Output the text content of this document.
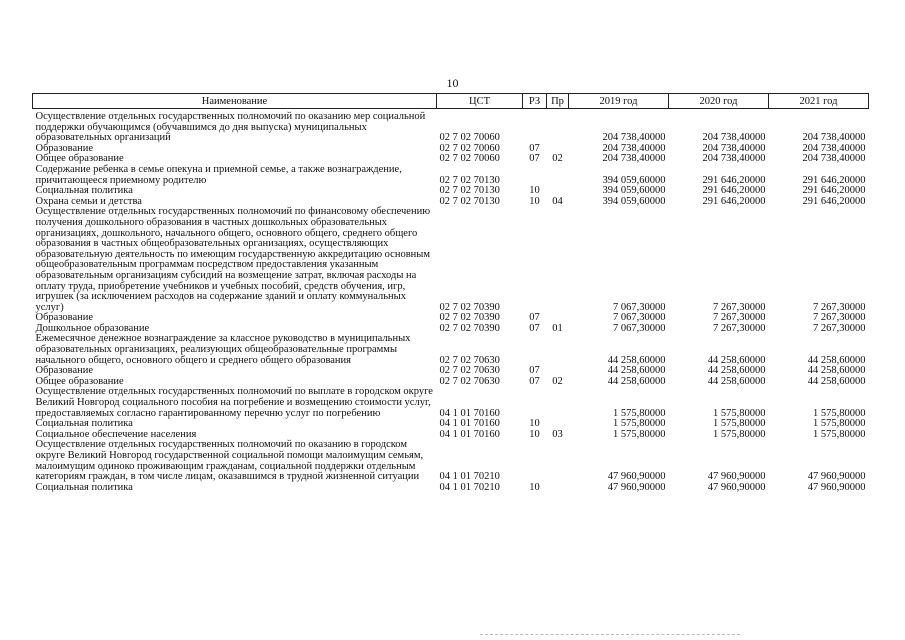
10
Наименование	ЦСТ	РЗ	Пр	2019 год	2020 год	2021 год

Осуществление отдельных государственных полномочий по оказанию мер социальной поддержки обучающимся (обучавшимся до дня выпуска) муниципальных образовательных организаций	02 7 02 70060			204 738,40000	204 738,40000	204 738,40000
Образование	02 7 02 70060	07		204 738,40000	204 738,40000	204 738,40000
Общее образование	02 7 02 70060	07	02	204 738,40000	204 738,40000	204 738,40000
Содержание ребенка в семье опекуна и приемной семье, а также вознаграждение, причитающееся приемному родителю	02 7 02 70130			394 059,60000	291 646,20000	291 646,20000
Социальная политика	02 7 02 70130	10		394 059,60000	291 646,20000	291 646,20000
Охрана семьи и детства	02 7 02 70130	10	04	394 059,60000	291 646,20000	291 646,20000
Осуществление отдельных государственных полномочий по финансовому обеспечению получения дошкольного образования в частных дошкольных образовательных организациях, дошкольного, начального общего, основного общего, среднего общего образования в частных общеобразовательных организациях, осуществляющих образовательную деятельность по имеющим государственную аккредитацию основным общеобразовательным программам посредством предоставления указанным образовательным организациям субсидий на возмещение затрат, включая расходы на оплату труда, приобретение учебников и учебных пособий, средств обучения, игр, игрушек (за исключением расходов на содержание зданий и оплату коммунальных услуг)	02 7 02 70390			7 067,30000	7 267,30000	7 267,30000
Образование	02 7 02 70390	07		7 067,30000	7 267,30000	7 267,30000
Дошкольное образование	02 7 02 70390	07	01	7 067,30000	7 267,30000	7 267,30000
Ежемесячное денежное вознаграждение за классное руководство в муниципальных образовательных организациях, реализующих общеобразовательные программы начального общего, основного общего и среднего общего образования	02 7 02 70630			44 258,60000	44 258,60000	44 258,60000
Образование	02 7 02 70630	07		44 258,60000	44 258,60000	44 258,60000
Общее образование	02 7 02 70630	07	02	44 258,60000	44 258,60000	44 258,60000
Осуществление отдельных государственных полномочий по выплате в городском округе Великий Новгород социального пособия на погребение и возмещению стоимости услуг, предоставляемых согласно гарантированному перечню услуг по погребению	04 1 01 70160			1 575,80000	1 575,80000	1 575,80000
Социальная политика	04 1 01 70160	10		1 575,80000	1 575,80000	1 575,80000
Социальное обеспечение населения	04 1 01 70160	10	03	1 575,80000	1 575,80000	1 575,80000
Осуществление отдельных государственных полномочий по оказанию в городском округе Великий Новгород государственной социальной помощи малоимущим семьям, малоимущим одиноко проживающим гражданам, социальной поддержки отдельным категориям граждан, в том числе лицам, оказавшимся в трудной жизненной ситуации	04 1 01 70210			47 960,90000	47 960,90000	47 960,90000
Социальная политика	04 1 01 70210	10		47 960,90000	47 960,90000	47 960,90000
